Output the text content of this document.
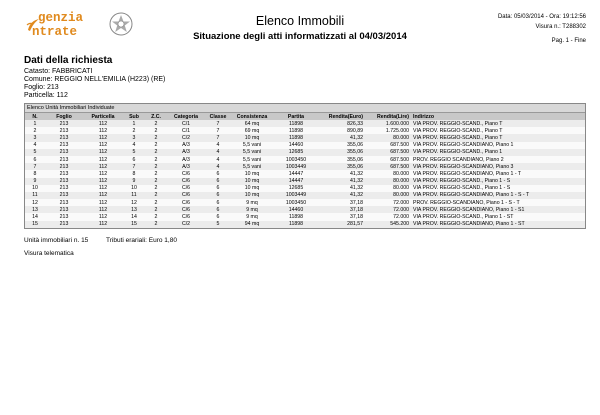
genzia
ntrate
Elenco Immobili
Situazione degli atti informatizzati al 04/03/2014
Data: 05/03/2014 - Ora: 19:12:56
Visura n.: T288302
Pag. 1 - Fine
Dati della richiesta
Catasto: FABBRICATI
Comune: REGGIO NELL'EMILIA (H223) (RE)
Foglio: 213
Particella: 112
Elenco Unità Immobiliari Individuate
N.	Foglio	Particella	Sub	Z.C.	Categoria	Classe	Consistenza	Partita	Rendita(Euro)	Rendita(Lire)	Indirizzo
1	213	112	1	2	C/1	7	64 mq	11898	826,33	1.600.000	VIA PROV. REGGIO-SCAND., Piano T
2	213	112	2	2	C/1	7	69 mq	11898	890,89	1.725.000	VIA PROV. REGGIO-SCAND., Piano T
3	213	112	3	2	C/2	7	10 mq	11898	41,32	80.000	VIA PROV. REGGIO-SCAND., Piano T
4	213	112	4	2	A/3	4	5,5 vani	14460	355,06	687.500	VIA PROV. REGGIO-SCANDIANO, Piano 1
5	213	112	5	2	A/3	4	5,5 vani	12685	355,06	687.500	VIA PROV. REGGIO-SCAND., Piano 1
6	213	112	6	2	A/3	4	5,5 vani	1003450	355,06	687.500	PROV. REGGIO SCANDIANO, Piano 2
7	213	112	7	2	A/3	4	5,5 vani	1003449	355,06	687.500	VIA PROV. REGGIO-SCANDIANO, Piano 3
8	213	112	8	2	C/6	6	10 mq	14447	41,32	80.000	VIA PROV. REGGIO-SCANDIANO, Piano 1 - T
9	213	112	9	2	C/6	6	10 mq	14447	41,32	80.000	VIA PROV. REGGIO-SCAND., Piano 1 - S
10	213	112	10	2	C/6	6	10 mq	12685	41,32	80.000	VIA PROV. REGGIO-SCAND., Piano 1 - S
11	213	112	11	2	C/6	6	10 mq	1003449	41,32	80.000	VIA PROV. REGGIO-SCANDIANO, Piano 1 - S - T
12	213	112	12	2	C/6	6	9 mq	1003450	37,18	72.000	PROV. REGGIO-SCANDIANO, Piano 1 - S - T
13	213	112	13	2	C/6	6	9 mq	14460	37,18	72.000	VIA PROV. REGGIO-SCANDIANO, Piano 1 - S1
14	213	112	14	2	C/6	6	9 mq	11898	37,18	72.000	VIA PROV. REGGIO-SCAND., Piano 1 - ST
15	213	112	15	2	C/2	5	94 mq	11898	281,57	545.200	VIA PROV. REGGIO-SCANDIANO, Piano 1 - ST
Unità immobiliari n. 15	Tributi erariali: Euro 1,80
Visura telematica
